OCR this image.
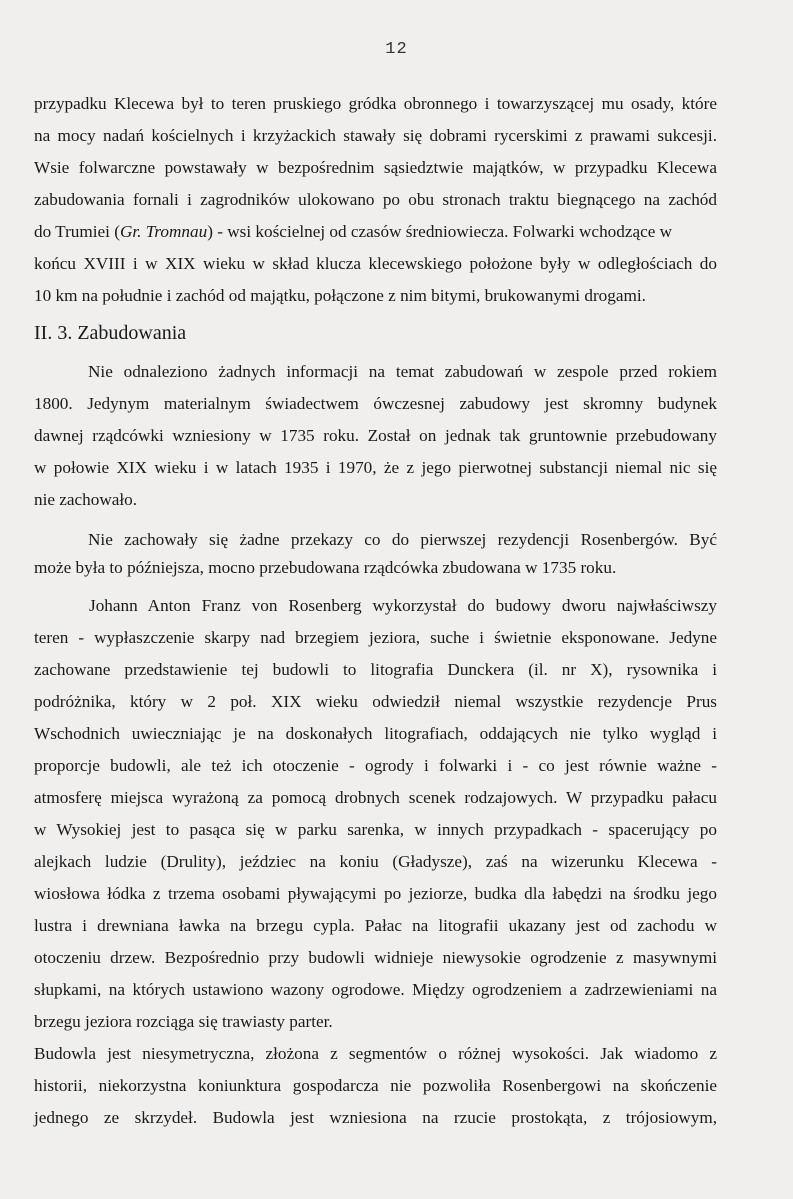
12
przypadku Klecewa był to teren pruskiego gródka obronnego i towarzyszącej mu osady, które
na mocy nadań kościelnych i krzyżackich stawały się dobrami rycerskimi z prawami sukcesji.
Wsie folwarczne powstawały w bezpośrednim sąsiedztwie majątków, w przypadku Klecewa
zabudowania fornali i zagrodników ulokowano po obu stronach traktu biegnącego na zachód
do Trumiei (Gr. Tromnau) - wsi kościelnej od czasów średniowiecza. Folwarki wchodzące w
końcu XVIII i w XIX wieku w skład klucza klecewskiego położone były w odległościach do
10 km na południe i zachód od majątku, połączone z nim bitymi, brukowanymi drogami.
II. 3. Zabudowania
Nie odnaleziono żadnych informacji na temat zabudowań w zespole przed rokiem
1800. Jedynym materialnym świadectwem ówczesnej zabudowy jest skromny budynek
dawnej rządcówki wzniesiony w 1735 roku. Został on jednak tak gruntownie przebudowany
w połowie XIX wieku i w latach 1935 i 1970, że z jego pierwotnej substancji niemal nic się
nie zachowało.
Nie zachowały się żadne przekazy co do pierwszej rezydencji Rosenbergów. Być
może była to późniejsza, mocno przebudowana rządcówka zbudowana w 1735 roku.
Johann Anton Franz von Rosenberg wykorzystał do budowy dworu najwłaściwszy
teren - wypłaszczenie skarpy nad brzegiem jeziora, suche i świetnie eksponowane. Jedyne
zachowane przedstawienie tej budowli to litografia Dunckera (il. nr X), rysownika i
podróżnika, który w 2 poł. XIX wieku odwiedził niemal wszystkie rezydencje Prus
Wschodnich uwieczniając je na doskonałych litografiach, oddających nie tylko wygląd i
proporcje budowli, ale też ich otoczenie - ogrody i folwarki i - co jest równie ważne -
atmosferę miejsca wyrażoną za pomocą drobnych scenek rodzajowych. W przypadku pałacu
w Wysokiej jest to pasąca się w parku sarenka, w innych przypadkach - spacerujący po
alejkach ludzie (Drulity), jeździec na koniu (Gładysze), zaś na wizerunku Klecewa -
wiosłowa łódka z trzema osobami pływającymi po jeziorze, budka dla łabędzi na środku jego
lustra i drewniana ławka na brzegu cypla. Pałac na litografii ukazany jest od zachodu w
otoczeniu drzew. Bezpośrednio przy budowli widnieje niewysokie ogrodzenie z masywnymi
słupkami, na których ustawiono wazony ogrodowe. Między ogrodzeniem a zadrzewieniami na
brzegu jeziora rozciąga się trawiasty parter.
Budowla jest niesymetryczna, złożona z segmentów o różnej wysokości. Jak wiadomo z
historii, niekorzystna koniunktura gospodarcza nie pozwoliła Rosenbergowi na skończenie
jednego ze skrzydeł. Budowla jest wzniesiona na rzucie prostokąta, z trójosiowym,
